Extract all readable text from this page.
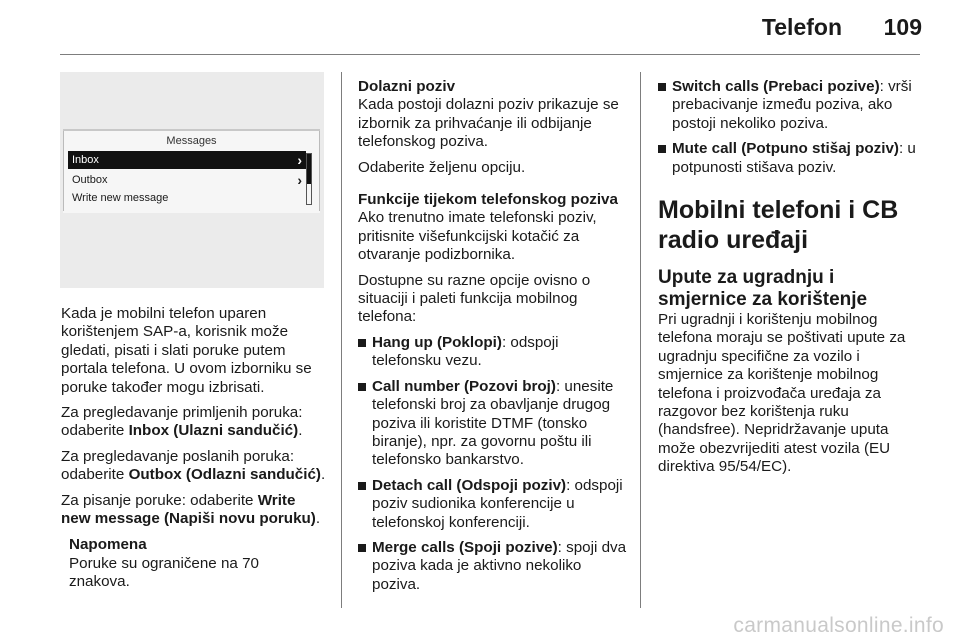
Telefon 109
Messages
Inbox	›
Outbox	›
Write new message

Kada je mobilni telefon uparen korištenjem SAP-a, korisnik može gledati, pisati i slati poruke putem portala telefona. U ovom izborniku se poruke također mogu izbrisati.

Za pregledavanje primljenih poruka: odaberite Inbox (Ulazni sandučić).

Za pregledavanje poslanih poruka: odaberite Outbox (Odlazni sandučić).

Za pisanje poruke: odaberite Write new message (Napiši novu poruku).

Napomena
Poruke su ograničene na 70 znakova.

Dolazni poziv

Kada postoji dolazni poziv prikazuje se izbornik za prihvaćanje ili odbijanje telefonskog poziva.

Odaberite željenu opciju.

Funkcije tijekom telefonskog poziva

Ako trenutno imate telefonski poziv, pritisnite višefunkcijski kotačić za otvaranje podizbornika.

Dostupne su razne opcije ovisno o situaciji i paleti funkcija mobilnog telefona:

Hang up (Poklopi): odspoji telefonsku vezu.
Call number (Pozovi broj): unesite telefonski broj za obavljanje drugog poziva ili koristite DTMF (tonsko biranje), npr. za govornu poštu ili telefonsko bankarstvo.
Detach call (Odspoji poziv): odspoji poziv sudionika konferencije u telefonskoj konferenciji.
Merge calls (Spoji pozive): spoji dva poziva kada je aktivno nekoliko poziva.
Switch calls (Prebaci pozive): vrši prebacivanje između poziva, ako postoji nekoliko poziva.
Mute call (Potpuno stišaj poziv): u potpunosti stišava poziv.
Mobilni telefoni i CB radio uređaji
Upute za ugradnju i smjernice za korištenje

Pri ugradnji i korištenju mobilnog telefona moraju se poštivati upute za ugradnju specifične za vozilo i smjernice za korištenje mobilnog telefona i proizvođača uređaja za razgovor bez korištenja ruku (handsfree). Nepridržavanje uputa može obezvrijediti atest vozila (EU direktiva 95/54/EC).

carmanualsonline.info
